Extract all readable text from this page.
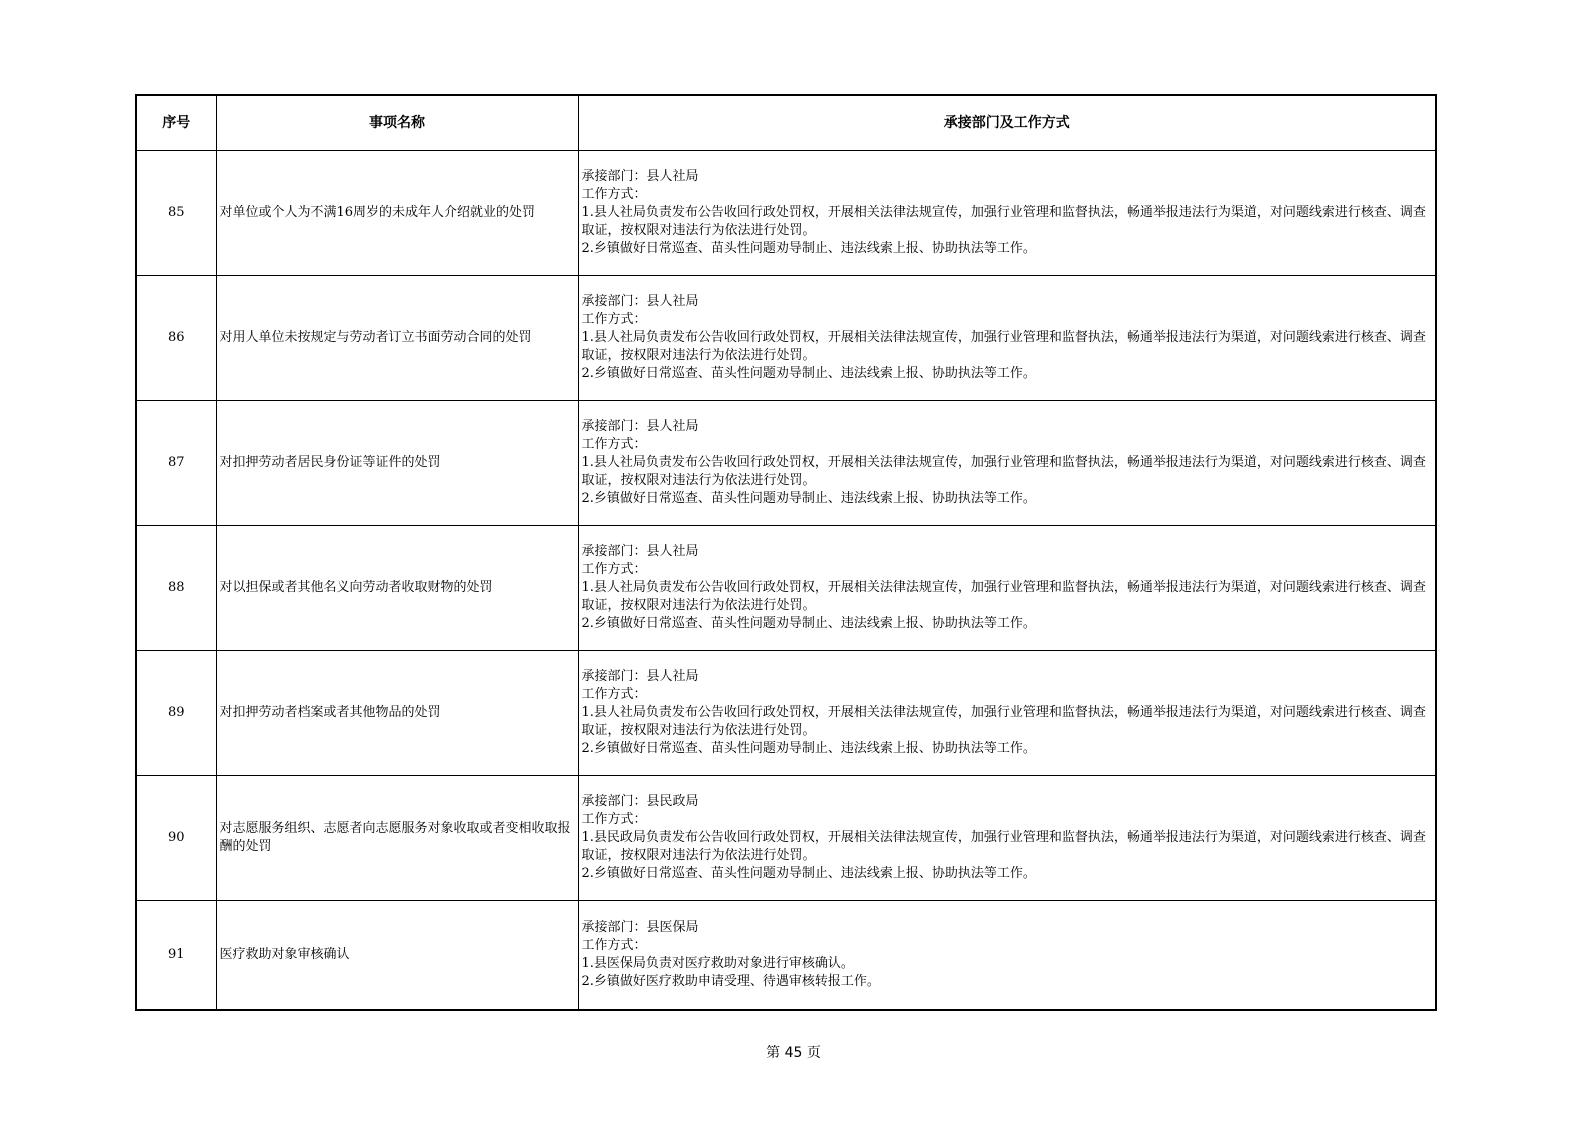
序号	事项名称	承接部门及工作方式
85	对单位或个人为不满16周岁的未成年人介绍就业的处罚	承接部门：县人社局
工作方式：
1.县人社局负责发布公告收回行政处罚权，开展相关法律法规宣传，加强行业管理和监督执法，畅通举报违法行为渠道，对问题线索进行核查、调查取证，按权限对违法行为依法进行处罚。
2.乡镇做好日常巡查、苗头性问题劝导制止、违法线索上报、协助执法等工作。

86	对用人单位未按规定与劳动者订立书面劳动合同的处罚	承接部门：县人社局
工作方式：
1.县人社局负责发布公告收回行政处罚权，开展相关法律法规宣传，加强行业管理和监督执法，畅通举报违法行为渠道，对问题线索进行核查、调查取证，按权限对违法行为依法进行处罚。
2.乡镇做好日常巡查、苗头性问题劝导制止、违法线索上报、协助执法等工作。

87	对扣押劳动者居民身份证等证件的处罚	承接部门：县人社局
工作方式：
1.县人社局负责发布公告收回行政处罚权，开展相关法律法规宣传，加强行业管理和监督执法，畅通举报违法行为渠道，对问题线索进行核查、调查取证，按权限对违法行为依法进行处罚。
2.乡镇做好日常巡查、苗头性问题劝导制止、违法线索上报、协助执法等工作。

88	对以担保或者其他名义向劳动者收取财物的处罚	承接部门：县人社局
工作方式：
1.县人社局负责发布公告收回行政处罚权，开展相关法律法规宣传，加强行业管理和监督执法，畅通举报违法行为渠道，对问题线索进行核查、调查取证，按权限对违法行为依法进行处罚。
2.乡镇做好日常巡查、苗头性问题劝导制止、违法线索上报、协助执法等工作。

89	对扣押劳动者档案或者其他物品的处罚	承接部门：县人社局
工作方式：
1.县人社局负责发布公告收回行政处罚权，开展相关法律法规宣传，加强行业管理和监督执法，畅通举报违法行为渠道，对问题线索进行核查、调查取证，按权限对违法行为依法进行处罚。
2.乡镇做好日常巡查、苗头性问题劝导制止、违法线索上报、协助执法等工作。

90	对志愿服务组织、志愿者向志愿服务对象收取或者变相收取报酬的处罚	承接部门：县民政局
工作方式：
1.县民政局负责发布公告收回行政处罚权，开展相关法律法规宣传，加强行业管理和监督执法，畅通举报违法行为渠道，对问题线索进行核查、调查取证，按权限对违法行为依法进行处罚。
2.乡镇做好日常巡查、苗头性问题劝导制止、违法线索上报、协助执法等工作。

91	医疗救助对象审核确认	承接部门：县医保局
工作方式：
1.县医保局负责对医疗救助对象进行审核确认。
2.乡镇做好医疗救助申请受理、待遇审核转报工作。
第 45 页
